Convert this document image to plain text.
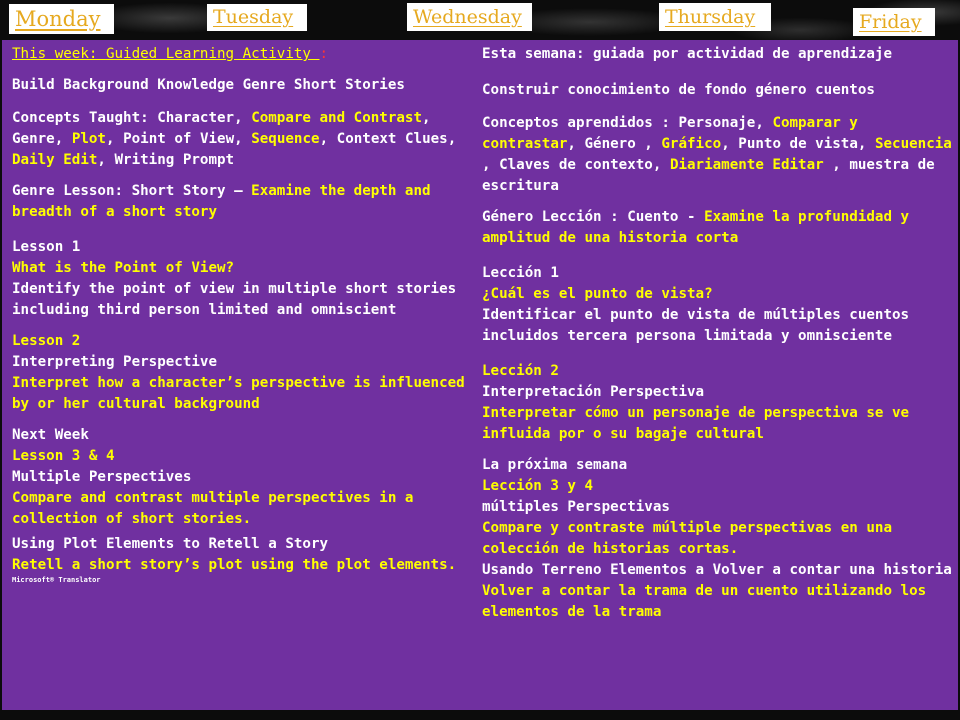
Monday	Tuesday	Wednesday	Thursday	Friday
This week: Guided Learning Activity :
Build Background Knowledge Genre Short Stories
Concepts Taught: Character, Compare and Contrast, Genre, Plot, Point of View, Sequence, Context Clues, Daily Edit, Writing Prompt
Genre Lesson: Short Story – Examine the depth and breadth of a short story
Lesson 1
What is the Point of View?
Identify the point of view in multiple short stories including third person limited and omniscient
Lesson 2
Interpreting Perspective
Interpret how a character’s perspective is influenced by or her cultural background
Next Week
Lesson 3 & 4
Multiple Perspectives
Compare and contrast multiple perspectives in a collection of short stories.
Using Plot Elements to Retell a Story
Retell a short story’s plot using the plot elements.
Microsoft® Translator
Esta semana: guiada por actividad de aprendizaje
Construir conocimiento de fondo género cuentos
Conceptos aprendidos : Personaje, Comparar y contrastar, Género , Gráfico, Punto de vista, Secuencia , Claves de contexto, Diariamente Editar , muestra de escritura
Género Lección : Cuento - Examine la profundidad y amplitud de una historia corta
Lección 1
¿Cuál es el punto de vista?
Identificar el punto de vista de múltiples cuentos incluidos tercera persona limitada y omnisciente
Lección 2
Interpretación Perspectiva
Interpretar cómo un personaje de perspectiva se ve influida por o su bagaje cultural
La próxima semana
Lección 3 y 4
múltiples Perspectivas
Compare y contraste múltiple perspectivas en una colección de historias cortas.
Usando Terreno Elementos a Volver a contar una historia
Volver a contar la trama de un cuento utilizando los elementos de la trama
